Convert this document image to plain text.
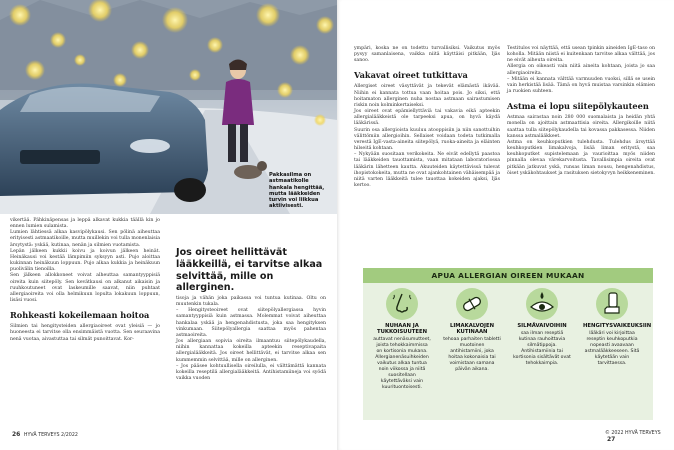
Pakkasilma on astmaatikolle hankala hengittää, mutta lääkkeiden turvin voi liikkua aktiivisesti.

vikertää. Pähkinäpensas ja leppä alkavat kukkia täällä kin jo ennen lumien sulamista.

Lumien lähtiessä alkaa kasvipölykausi. Sen pölinä aiheuttaa erityisesti astmaatikoille, mutta muillekin voi tulla monenlaisia ärsytystä: yskää, kutinaa, nenän ja silmien vuotamista.

Lepän jälkeen kukkii koivu ja koivun jälkeen heinät. Heinäkausi voi kestää lämpimiin syksyyn asti. Pujo aloittaa kukinnan heinäkuun loppuun. Pujo alkaa kukkia ja heinäkuun puolivälin tienoilla.

Sen jälkeen allokkoneet voivat alheuttaa samantyyppisiä oireita kuin siitepöly. Sen kevätkausi on alkanut aikaisin ja ruuhkoutuneet ovat laskeumille saavat, niin puhtaat allergiaoireita voi olla helmikuun lopulta lokakuun loppuun, lisäsi vuosi.

Rohkeasti kokeilemaan hoitoa

Silmien tai hengitysteiden allergiaoireet ovat yleisiä — jo huoneesta ei tarvitse olla ensimmäistä vuotta. Sen seuraavina nenä vuotaa, aivastuttaa tai silmät punoittavat. Kor-

Jos oireet hellittävät lääkkeillä, ei tarvitse alkaa selvittää, mille on allerginen.

tisoja ja vähän joka paikassa voi tuntua kutinaa. Oltu on muutenkin tukala.

– Hengitysteoireet ovat siitepölyallergiassa hyvin samantyyppisiä kuin astmassa. Molemmat voivat aiheuttaa hankalaa yskää ja hengenahdistusta, joka saa hengityksen vinkumaan. Siitepölyallergia saattaa myös pahentaa astmaoireita.

Jos allergiaan sopivia oireita ilmaantuu siitepölykaudella, niihin kannattaa kokeilla apteekin reseptivapaita allergialääkkeitä. Jos oireet hellittävät, ei tarvitse alkaa sen kummemmin selvittää, mille on allerginen.

– Jos pääsee kohtuullisella oireilulla, ei välttämättä kannata kokeilla reseptilä allergialääkkeitä. Antihistamiineja voi syödä vaikka vuoden

26 HYVÄ TERVEYS 2/2022

ympäri, koska ne on todettu turvallisiksi. Vaikutus myös pysyy samanlaisena, vaikka niitä käyttäisi pitkään, Ijäs sanoo.

Vakavat oireet tutkittava

Allergiset oireet väsyttävät ja tekevät elämästä ikävää. Niihin ei kannata tottua vaan hoitaa pois. Jo siksi, että hoitamaton allerginen nuha nostaa astmaan sairastumisen riskin noin kolminkertaiseksi.

Jos oireet ovat epämiellyttäviä tai vakavia eikä apteekin allergialääkkeistä ole tarpeeksi apua, on hyvä käydä lääkärissä.

Suurin osa allergioista kuuluu atooppisiin ja niin sanottuihin välittömiin allergioihin. Sellaiset voidaan todeta tutkimalla verestä IgE-vasta-aineita siitepölyä, ruoka-aineita ja eläinten hilseitä kohtaan.

– Nykyään suositaan verikokeita. Ne eivät edellytä paastoa tai lääkkeiden tauottamista, vaan mitataan laboratoriossa lääkärin lähetteen kautta. Akuuteiden käytettävissä tulevat ihopistokokeita, mutta ne ovat ajankohtainen vähäisempää ja niitä varten lääkkeitä tulee tauottaa kokeiden ajaksi, Ijäs kertoo.

Testitulos voi näyttää, että usean tpinkin aineiden IgE-taso on koholla. Mitään niistä ei kuitenkaan tarvitse alkaa välttää, jos ne eivät aiheuta oireita.

Allergia on oikeasti vain niitä aineita kohtaan, joista jo saa allergiaoireita.

– Mitään ei kannata välttää varmuuden vuoksi, sillä se usein vain herkistää lisää. Tämä on hyvä muistaa varsinkin elämien ja ruokien suhteen.

Astma ei lopu siitepölykauteen

Astmaa sairastaa noin 280 000 suomalaista ja heidän yhtä monella on ajoittain astmaattisia oireita. Allergikoille niitä saattaa tulla siitepölykaudella tai kovassa pakkasessa. Niiden kanssa astmalääkkeet.

Astma on keuhkoputkien tulehdusta. Tulehdus ärsyttää keuhkoputkien limakalvoja, lisää liman eritystä, saa keuhkoputket supistelemaan ja vaurioittaa myös niiden pinnalla olevaa värekarvoitusta. Tavallisimpia oireita ovat pitkään jatkuvat yskä, runsas liman nousu, hengenahdistus, öiset yskäkohtaukset ja rasituksen sietokyvyn heikkeneminen.

© 2022 HYVÄ TERVEYS 27
APUA ALLERGIAN OIREEN MUKAAN
NUHAAN JA TUKKOISUUTEEN
auttavat nenäsumutteet, joista tehokkaimmissa on kortisonia mukana. Allergianenäsuihkeiden vaikutus alkaa tuntua noin viikossa ja niitä suositellaan käytettäväksi vain kuurituontoisesti.
LIMAKALVOJEN KUTINAAN
tehoaa parhaiten tabletti muotoinen antihistamiini, joka hoitaa kokonaisia tai voimistaan samana päivän aikana.
SILMÄVAIVOIHIN
saa ilman reseptiä kutinaa rauhoittavia silmätippoja. Antihistamiinia tai kortisonia sisältävät ovat tehokkaimpia.
HENGITYSVAIKEUKSIIN
lääkäri voi kirjoittaa reseptin keuhkoputkia nopeasti avaavaan astmalääkkeeseen. Sitä käytetään vain tarvittaessa.
